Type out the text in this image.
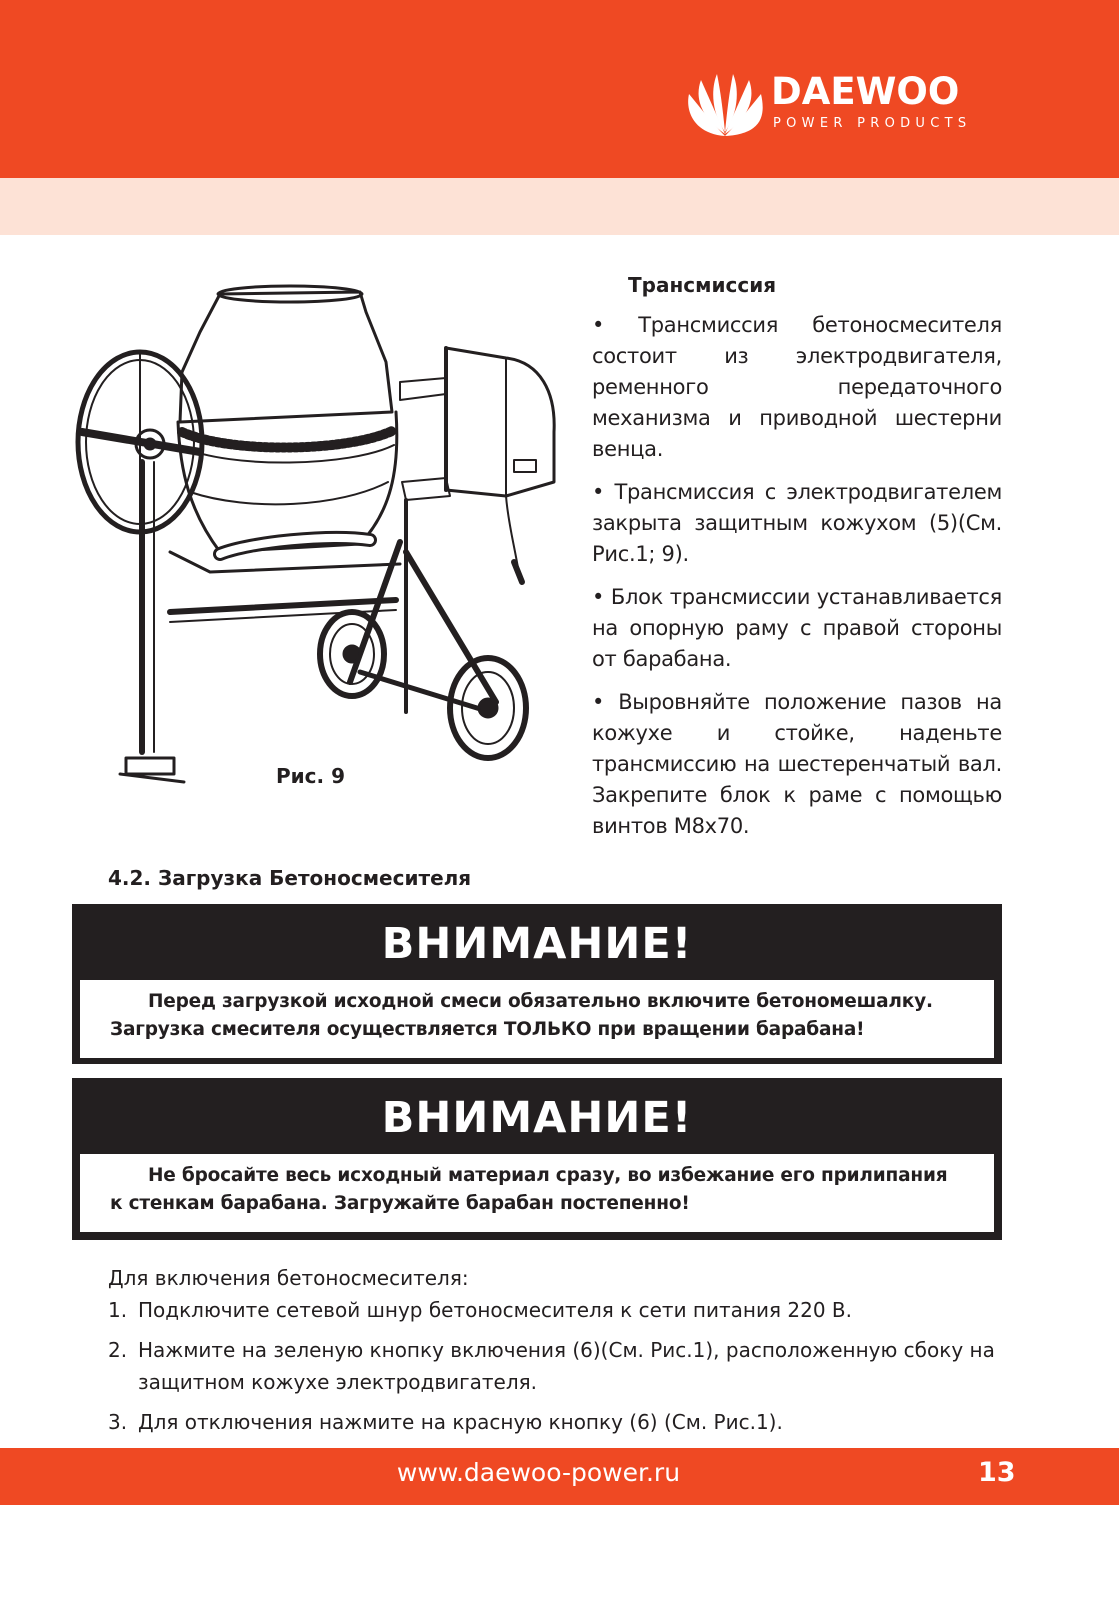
DAEWOO
POWER PRODUCTS
Рис. 9
Трансмиссия

• Трансмиссия бетоносмесителя состоит из электродвигателя, ременного передаточного механизма и приводной шестерни венца.

• Трансмиссия с электродвигателем закрыта защитным кожухом (5)(См. Рис.1; 9).

• Блок трансмиссии устанавливается на опорную раму с правой стороны от барабана.

• Выровняйте положение пазов на кожухе и стойке, наденьте трансмиссию на шестеренчатый вал. Закрепите блок к раме с помощью винтов M8x70.

4.2. Загрузка Бетоносмесителя
ВНИМАНИЕ!
Перед загрузкой исходной смеси обязательно включите бетономешалку.
Загрузка смесителя осуществляется ТОЛЬКО при вращении барабана!
ВНИМАНИЕ!
Не бросайте весь исходный материал сразу, во избежание его прилипания
к стенкам барабана. Загружайте барабан постепенно!
Для включения бетоносмесителя:
1. Подключите сетевой шнур бетоносмесителя к сети питания 220 В.
2. Нажмите на зеленую кнопку включения (6)(См. Рис.1), расположенную сбоку на защитном кожухе электродвигателя.
3. Для отключения нажмите на красную кнопку (6) (См. Рис.1).
www.daewoo-power.ru	13
